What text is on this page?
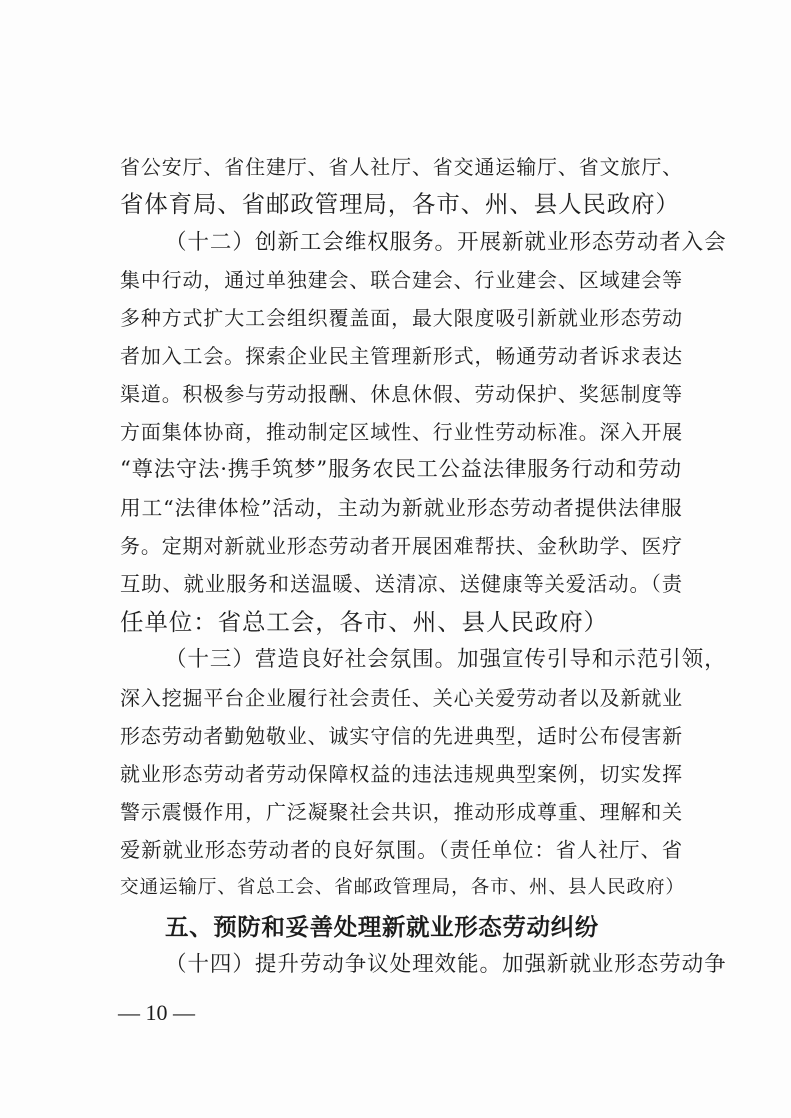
省公安厅、省住建厅、省人社厅、省交通运输厅、省文旅厅、
省体育局、省邮政管理局，各市、州、县人民政府）
（十二）创新工会维权服务。开展新就业形态劳动者入会
集中行动，通过单独建会、联合建会、行业建会、区域建会等
多种方式扩大工会组织覆盖面，最大限度吸引新就业形态劳动
者加入工会。探索企业民主管理新形式，畅通劳动者诉求表达
渠道。积极参与劳动报酬、休息休假、劳动保护、奖惩制度等
方面集体协商，推动制定区域性、行业性劳动标准。深入开展
“尊法守法·携手筑梦”服务农民工公益法律服务行动和劳动
用工“法律体检”活动，主动为新就业形态劳动者提供法律服
务。定期对新就业形态劳动者开展困难帮扶、金秋助学、医疗
互助、就业服务和送温暖、送清凉、送健康等关爱活动。（责
任单位：省总工会，各市、州、县人民政府）
（十三）营造良好社会氛围。加强宣传引导和示范引领，
深入挖掘平台企业履行社会责任、关心关爱劳动者以及新就业
形态劳动者勤勉敬业、诚实守信的先进典型，适时公布侵害新
就业形态劳动者劳动保障权益的违法违规典型案例，切实发挥
警示震慑作用，广泛凝聚社会共识，推动形成尊重、理解和关
爱新就业形态劳动者的良好氛围。（责任单位：省人社厅、省
交通运输厅、省总工会、省邮政管理局，各市、州、县人民政府）
五、预防和妥善处理新就业形态劳动纠纷
（十四）提升劳动争议处理效能。加强新就业形态劳动争
— 10 —
